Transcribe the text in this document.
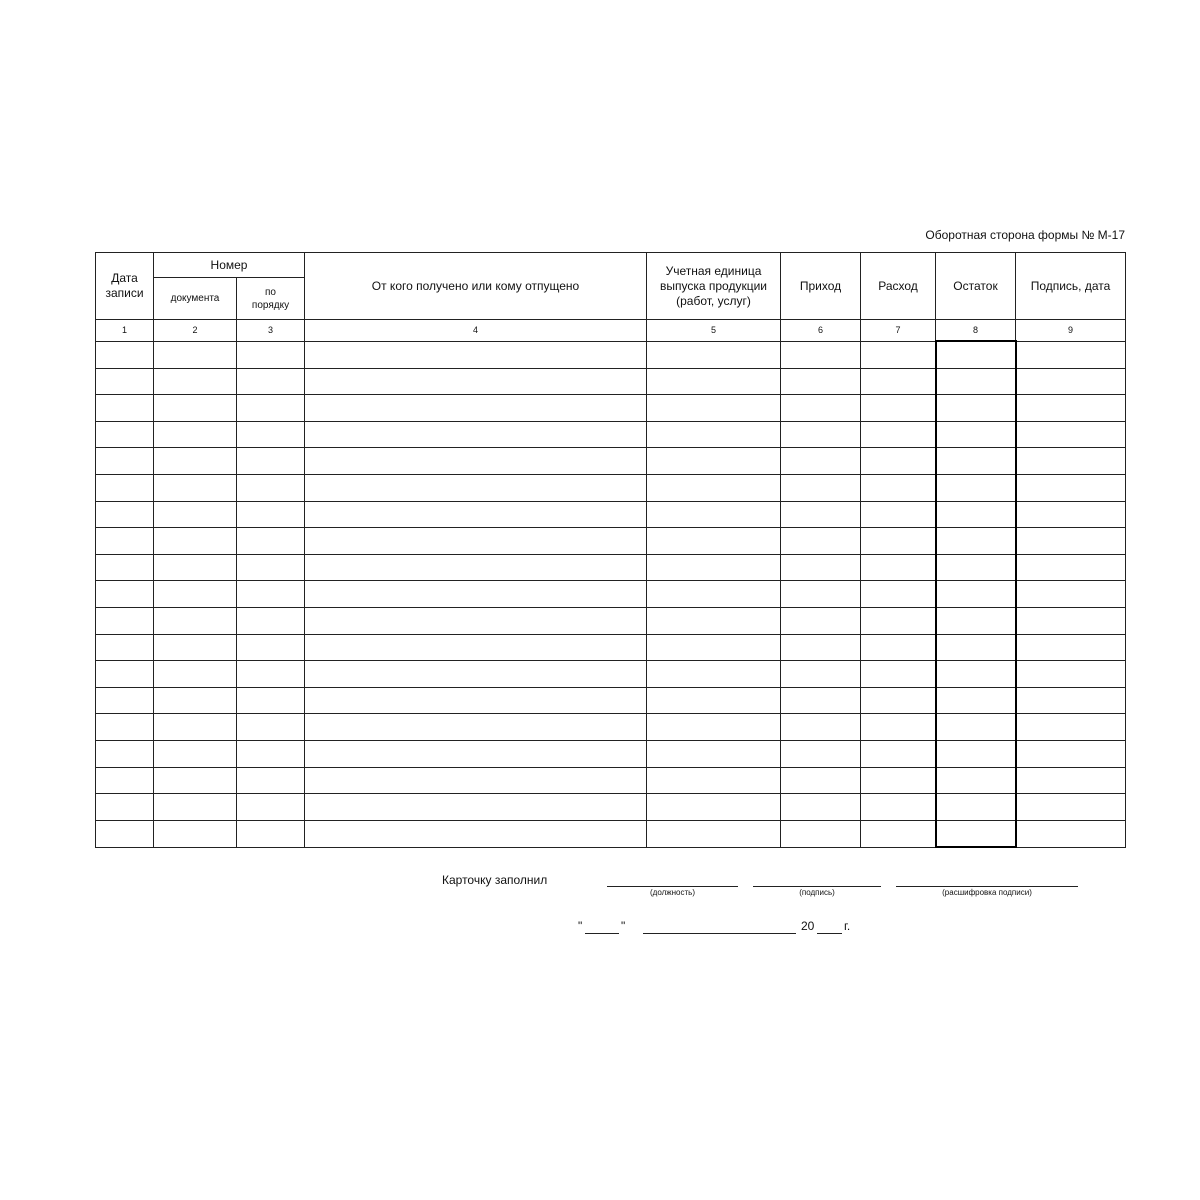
Оборотная сторона формы № М-17
Дата записи	Номер		От кого получено или кому отпущено	Учетная единица выпуска продукции (работ, услуг)	Приход	Расход	Остаток	Подпись, дата
	документа	по порядку						
1	2	3	4	5	6	7	8	9

Карточку заполнил
(должность)	(подпись)	(расшифровка подписи)
"	"	20 г.
